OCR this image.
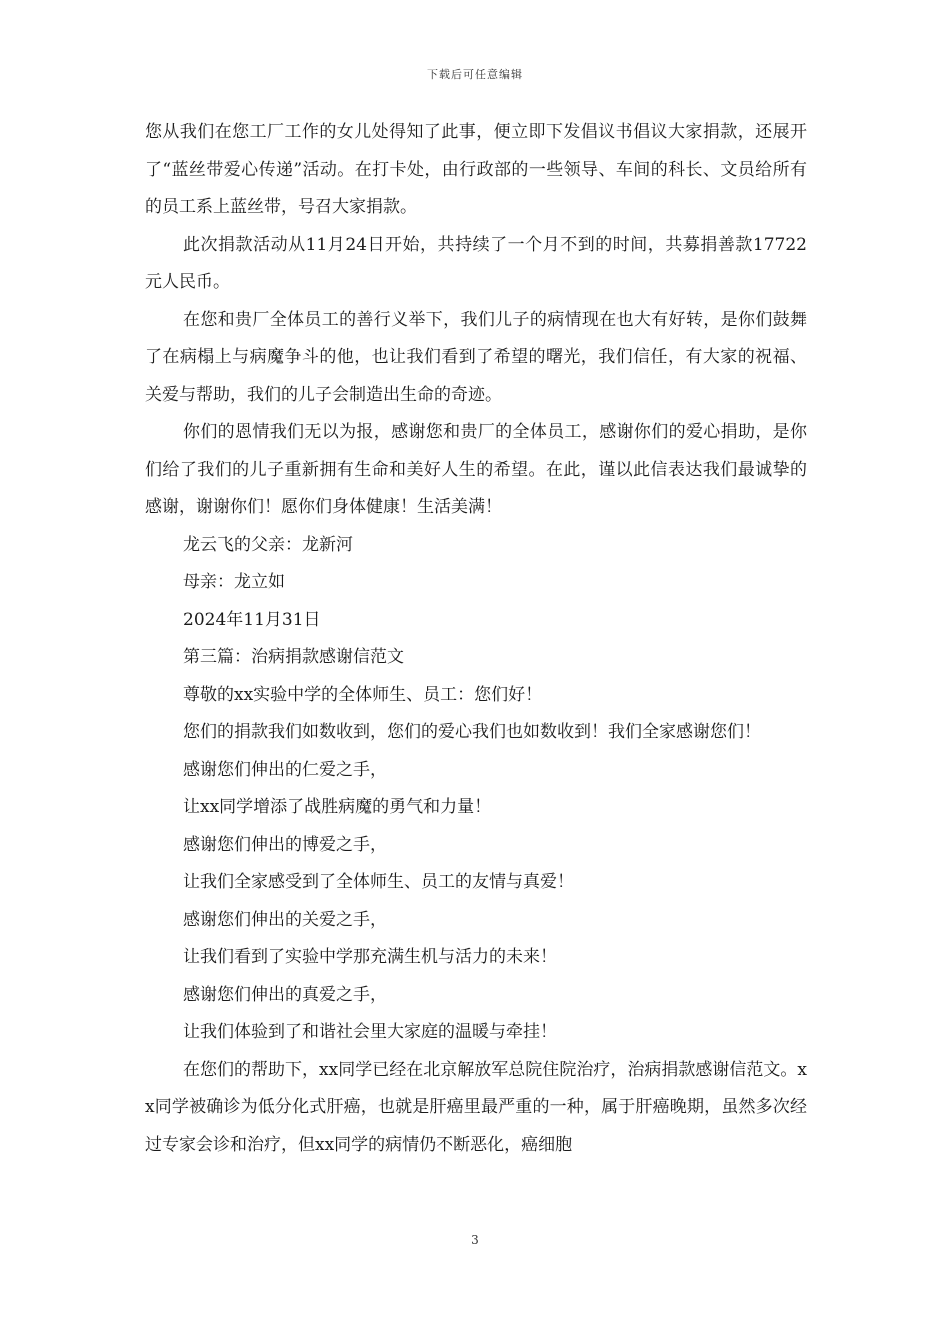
下载后可任意编辑

您从我们在您工厂工作的女儿处得知了此事，便立即下发倡议书倡议大家捐款，还展开了“蓝丝带爱心传递”活动。在打卡处，由行政部的一些领导、车间的科长、文员给所有的员工系上蓝丝带，号召大家捐款。

此次捐款活动从11月24日开始，共持续了一个月不到的时间，共募捐善款17722元人民币。

在您和贵厂全体员工的善行义举下，我们儿子的病情现在也大有好转，是你们鼓舞了在病榻上与病魔争斗的他，也让我们看到了希望的曙光，我们信任，有大家的祝福、关爱与帮助，我们的儿子会制造出生命的奇迹。

你们的恩情我们无以为报，感谢您和贵厂的全体员工，感谢你们的爱心捐助，是你们给了我们的儿子重新拥有生命和美好人生的希望。在此，谨以此信表达我们最诚挚的感谢，谢谢你们！愿你们身体健康！生活美满！

龙云飞的父亲：龙新河

母亲：龙立如

2024年11月31日

第三篇：治病捐款感谢信范文

尊敬的xx实验中学的全体师生、员工：您们好！

您们的捐款我们如数收到，您们的爱心我们也如数收到！我们全家感谢您们！

感谢您们伸出的仁爱之手，

让xx同学增添了战胜病魔的勇气和力量！

感谢您们伸出的博爱之手，

让我们全家感受到了全体师生、员工的友情与真爱！

感谢您们伸出的关爱之手，

让我们看到了实验中学那充满生机与活力的未来！

感谢您们伸出的真爱之手，

让我们体验到了和谐社会里大家庭的温暖与牵挂！

在您们的帮助下，xx同学已经在北京解放军总院住院治疗，治病捐款感谢信范文。xx同学被确诊为低分化式肝癌，也就是肝癌里最严重的一种，属于肝癌晚期，虽然多次经过专家会诊和治疗，但xx同学的病情仍不断恶化，癌细胞

3
